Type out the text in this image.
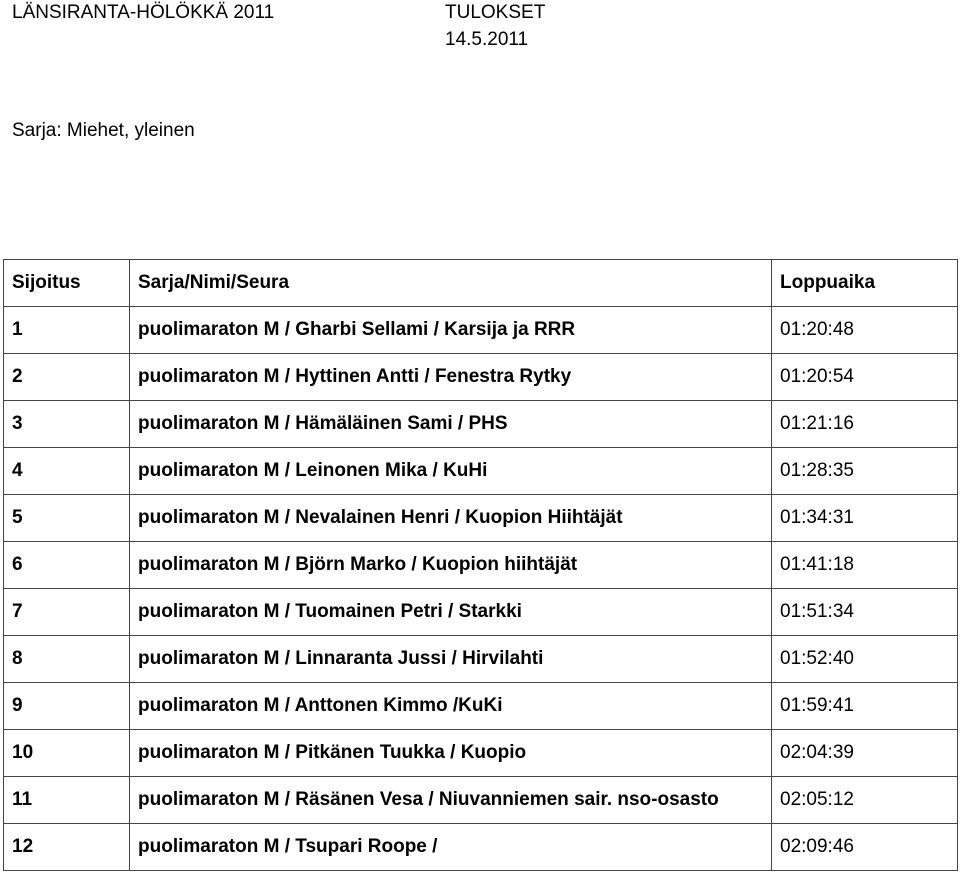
LÄNSIRANTA-HÖLÖKKÄ 2011	TULOKSET
14.5.2011
Sarja: Miehet, yleinen
Sijoitus	Sarja/Nimi/Seura	Loppuaika
1	puolimaraton M / Gharbi Sellami / Karsija ja RRR	01:20:48
2	puolimaraton M / Hyttinen Antti / Fenestra Rytky	01:20:54
3	puolimaraton M / Hämäläinen Sami / PHS	01:21:16
4	puolimaraton M / Leinonen Mika / KuHi	01:28:35
5	puolimaraton M / Nevalainen Henri / Kuopion Hiihtäjät	01:34:31
6	puolimaraton M / Björn Marko / Kuopion hiihtäjät	01:41:18
7	puolimaraton M / Tuomainen Petri / Starkki	01:51:34
8	puolimaraton M / Linnaranta Jussi / Hirvilahti	01:52:40
9	puolimaraton M / Anttonen Kimmo /KuKi	01:59:41
10	puolimaraton M / Pitkänen Tuukka / Kuopio	02:04:39
11	puolimaraton M / Räsänen Vesa / Niuvanniemen sair. nso-osasto	02:05:12
12	puolimaraton M / Tsupari Roope /	02:09:46
